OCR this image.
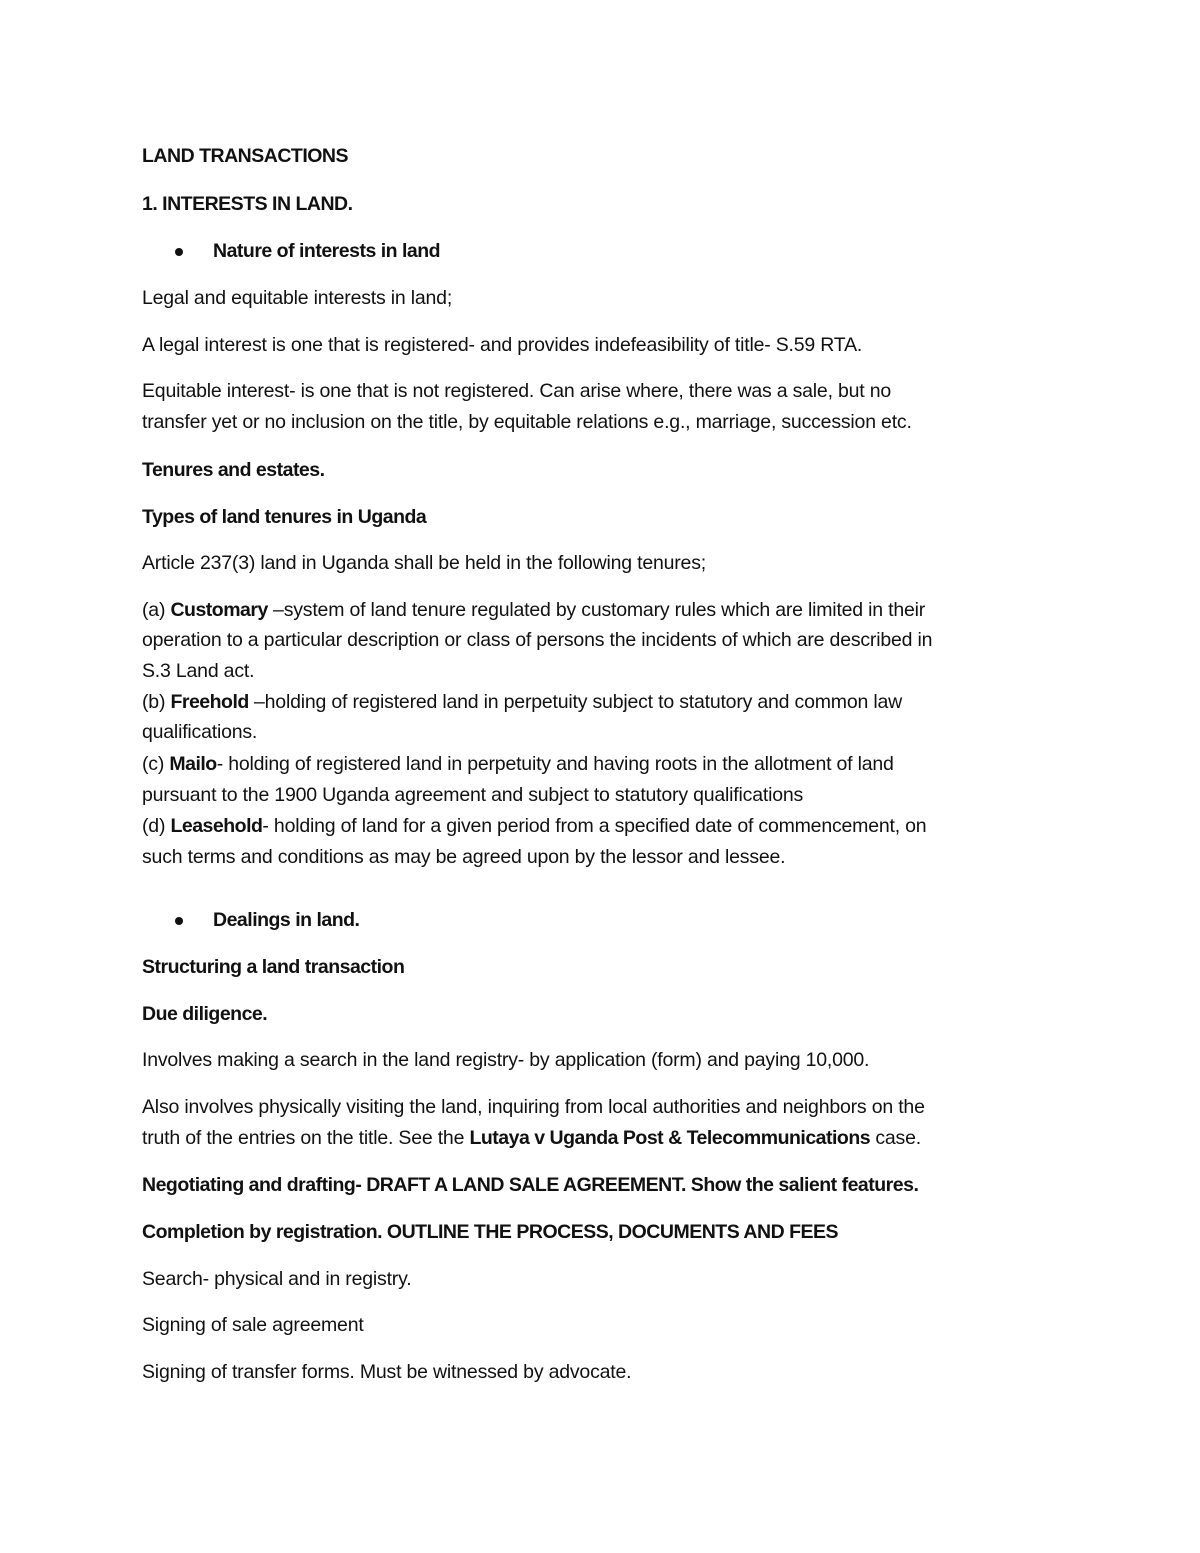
LAND TRANSACTIONS
1. INTERESTS IN LAND.
Nature of interests in land
Legal and equitable interests in land;
A legal interest is one that is registered- and provides indefeasibility of title- S.59 RTA.
Equitable interest- is one that is not registered. Can arise where, there was a sale, but no
transfer yet or no inclusion on the title, by equitable relations e.g., marriage, succession etc.
Tenures and estates.
Types of land tenures in Uganda
Article 237(3) land in Uganda shall be held in the following tenures;
(a) Customary –system of land tenure regulated by customary rules which are limited in their
operation to a particular description or class of persons the incidents of which are described in
S.3 Land act.
(b) Freehold –holding of registered land in perpetuity subject to statutory and common law
qualifications.
(c) Mailo- holding of registered land in perpetuity and having roots in the allotment of land
pursuant to the 1900 Uganda agreement and subject to statutory qualifications
(d) Leasehold- holding of land for a given period from a specified date of commencement, on
such terms and conditions as may be agreed upon by the lessor and lessee.
Dealings in land.
Structuring a land transaction
Due diligence.
Involves making a search in the land registry- by application (form) and paying 10,000.
Also involves physically visiting the land, inquiring from local authorities and neighbors on the
truth of the entries on the title. See the Lutaya v Uganda Post & Telecommunications case.
Negotiating and drafting- DRAFT A LAND SALE AGREEMENT. Show the salient features.
Completion by registration. OUTLINE THE PROCESS, DOCUMENTS AND FEES
Search- physical and in registry.
Signing of sale agreement
Signing of transfer forms. Must be witnessed by advocate.
